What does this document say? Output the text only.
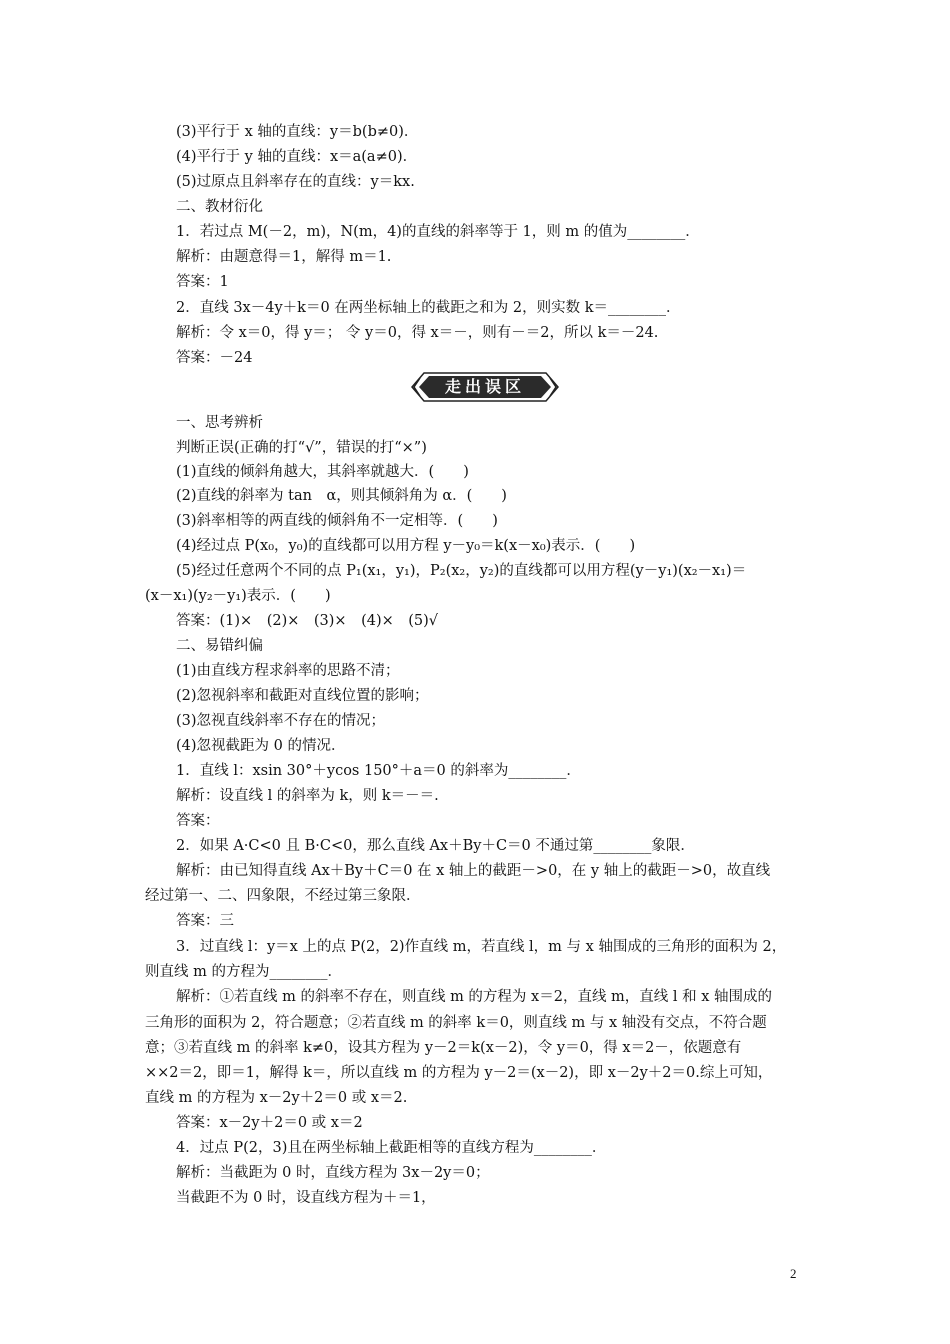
(3)平行于 x 轴的直线：y＝b(b≠0)．
(4)平行于 y 轴的直线：x＝a(a≠0)．
(5)过原点且斜率存在的直线：y＝kx.
二、教材衍化
1．若过点 M(－2，m)，N(m，4)的直线的斜率等于 1，则 m 的值为________．
解析：由题意得＝1，解得 m＝1.
答案：1
2．直线 3x－4y＋k＝0 在两坐标轴上的截距之和为 2，则实数 k＝________．
解析：令 x＝0，得 y＝； 令 y＝0，得 x＝－，则有－＝2，所以 k＝－24.
答案：－24
走出误区
一、思考辨析
判断正误(正确的打“√”，错误的打“×”)
(1)直线的倾斜角越大，其斜率就越大．(　　)
(2)直线的斜率为 tan　α，则其倾斜角为 α．(　　)
(3)斜率相等的两直线的倾斜角不一定相等．(　　)
(4)经过点 P(x₀，y₀)的直线都可以用方程 y－y₀＝k(x－x₀)表示．(　　)
(5)经过任意两个不同的点 P₁(x₁，y₁)，P₂(x₂，y₂)的直线都可以用方程(y－y₁)(x₂－x₁)＝
(x－x₁)(y₂－y₁)表示．(　　)
答案：(1)×　(2)×　(3)×　(4)×　(5)√
二、易错纠偏
(1)由直线方程求斜率的思路不清；
(2)忽视斜率和截距对直线位置的影响；
(3)忽视直线斜率不存在的情况；
(4)忽视截距为 0 的情况．
1．直线 l：xsin 30°＋ycos 150°＋a＝0 的斜率为________．
解析：设直线 l 的斜率为 k，则 k＝－＝.
答案：
2．如果 A·C<0 且 B·C<0，那么直线 Ax＋By＋C＝0 不通过第________象限．
解析：由已知得直线 Ax＋By＋C＝0 在 x 轴上的截距－>0，在 y 轴上的截距－>0，故直线
经过第一、二、四象限，不经过第三象限．
答案：三
3．过直线 l：y＝x 上的点 P(2，2)作直线 m，若直线 l，m 与 x 轴围成的三角形的面积为 2，
则直线 m 的方程为________．
解析：①若直线 m 的斜率不存在，则直线 m 的方程为 x＝2，直线 m，直线 l 和 x 轴围成的
三角形的面积为 2，符合题意；②若直线 m 的斜率 k＝0，则直线 m 与 x 轴没有交点，不符合题
意；③若直线 m 的斜率 k≠0，设其方程为 y－2＝k(x－2)，令 y＝0，得 x＝2－，依题意有
××2＝2，即＝1，解得 k＝，所以直线 m 的方程为 y－2＝(x－2)，即 x－2y＋2＝0.综上可知，
直线 m 的方程为 x－2y＋2＝0 或 x＝2.
答案：x－2y＋2＝0 或 x＝2
4．过点 P(2，3)且在两坐标轴上截距相等的直线方程为________．
解析：当截距为 0 时，直线方程为 3x－2y＝0；
当截距不为 0 时，设直线方程为＋＝1，
2
